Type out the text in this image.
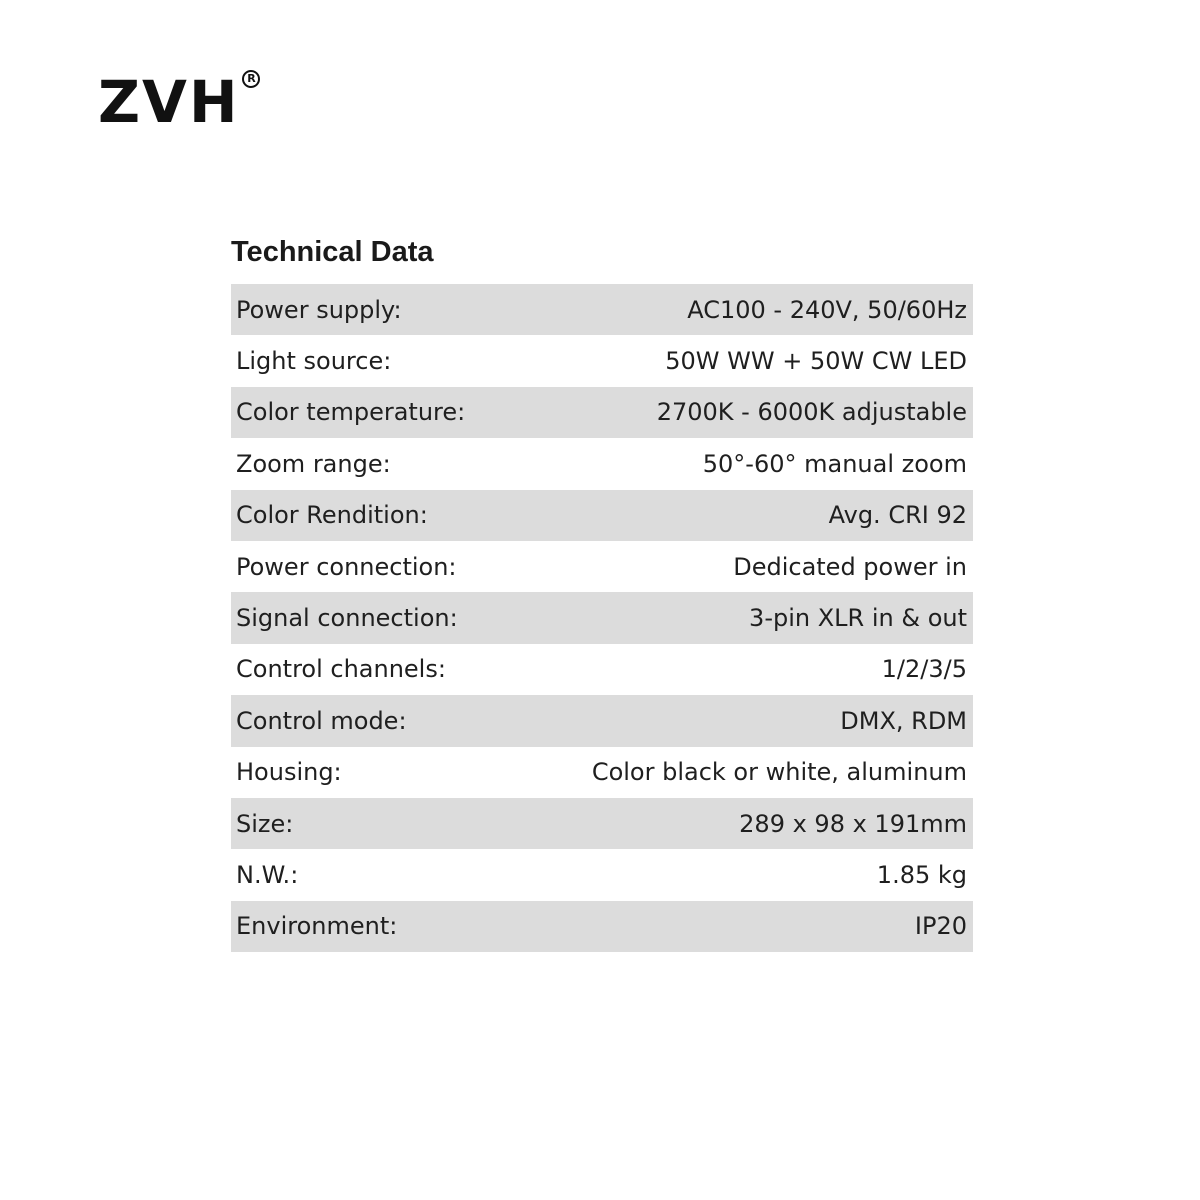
ZVH R
Technical Data
Power supply:	AC100 - 240V, 50/60Hz
Light source:	50W WW + 50W CW LED
Color temperature:	2700K - 6000K adjustable
Zoom range:	50°-60° manual zoom
Color Rendition:	Avg. CRI 92
Power connection:	Dedicated power in
Signal connection:	3-pin XLR in & out
Control channels:	1/2/3/5
Control mode:	DMX, RDM
Housing:	Color black or white, aluminum
Size:	289 x 98 x 191mm
N.W.:	1.85 kg
Environment:	IP20
